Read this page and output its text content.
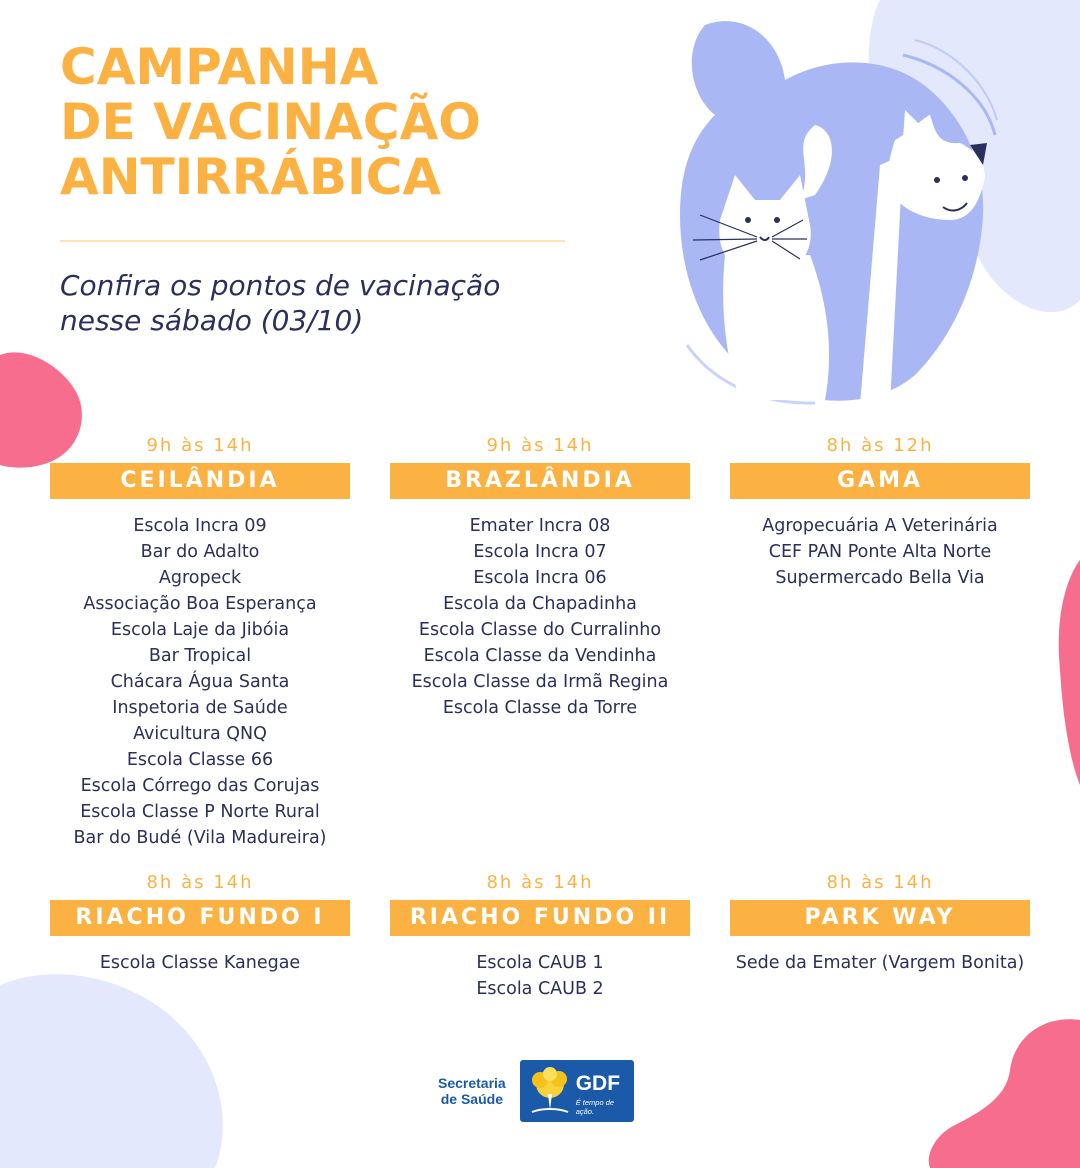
CAMPANHA
DE VACINAÇÃO
ANTIRRÁBICA
Confira os pontos de vacinação
nesse sábado (03/10)
9h às 14h
CEILÂNDIA
Escola Incra 09
Bar do Adalto
Agropeck
Associação Boa Esperança
Escola Laje da Jibóia
Bar Tropical
Chácara Água Santa
Inspetoria de Saúde
Avicultura QNQ
Escola Classe 66
Escola Córrego das Corujas
Escola Classe P Norte Rural
Bar do Budé (Vila Madureira)
9h às 14h
BRAZLÂNDIA
Emater Incra 08
Escola Incra 07
Escola Incra 06
Escola da Chapadinha
Escola Classe do Curralinho
Escola Classe da Vendinha
Escola Classe da Irmã Regina
Escola Classe da Torre
8h às 12h
GAMA
Agropecuária A Veterinária
CEF PAN Ponte Alta Norte
Supermercado Bella Via
8h às 14h
RIACHO FUNDO I
Escola Classe Kanegae
8h às 14h
RIACHO FUNDO II
Escola CAUB 1
Escola CAUB 2
8h às 14h
PARK WAY
Sede da Emater (Vargem Bonita)
Secretaria
de Saúde
GDF
É tempo de ação.
